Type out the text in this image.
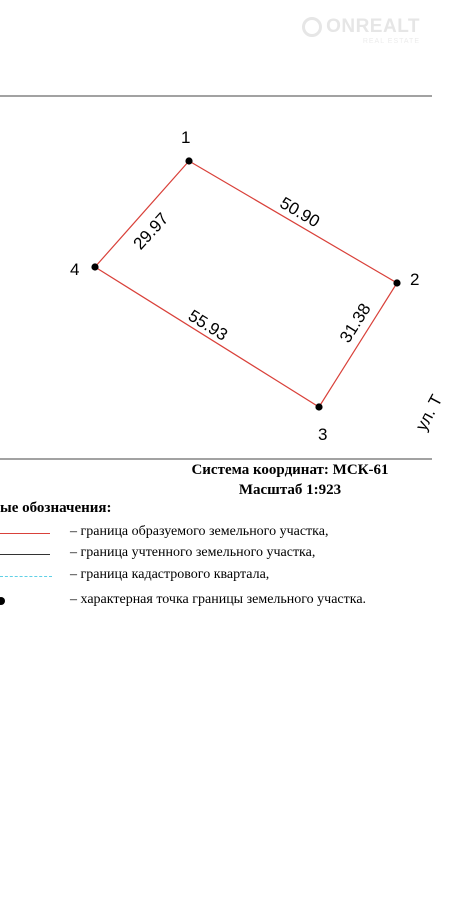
ONREALT
REAL ESTATE
1
2
3
4
50.90
31.38
55.93
29.97
ул. Т
Система координат: МСК-61
Масштаб 1:923
ые обозначения:
– граница образуемого земельного участка,
– граница учтенного земельного участка,
– граница кадастрового квартала,
– характерная точка границы земельного участка.
